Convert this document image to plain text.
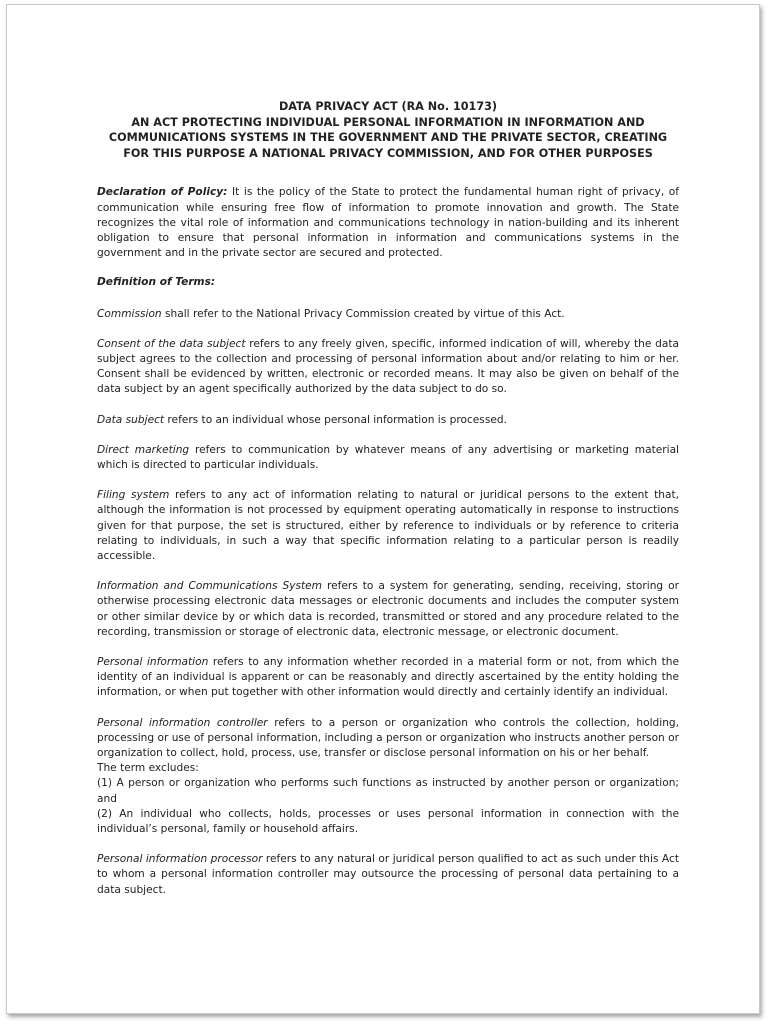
DATA PRIVACY ACT (RA No. 10173)
AN ACT PROTECTING INDIVIDUAL PERSONAL INFORMATION IN INFORMATION AND
COMMUNICATIONS SYSTEMS IN THE GOVERNMENT AND THE PRIVATE SECTOR, CREATING
FOR THIS PURPOSE A NATIONAL PRIVACY COMMISSION, AND FOR OTHER PURPOSES

Declaration of Policy: It is the policy of the State to protect the fundamental human right of privacy, of communication while ensuring free flow of information to promote innovation and growth. The State recognizes the vital role of information and communications technology in nation-building and its inherent obligation to ensure that personal information in information and communications systems in the government and in the private sector are secured and protected.

Definition of Terms:

Commission shall refer to the National Privacy Commission created by virtue of this Act.

Consent of the data subject refers to any freely given, specific, informed indication of will, whereby the data subject agrees to the collection and processing of personal information about and/or relating to him or her. Consent shall be evidenced by written, electronic or recorded means. It may also be given on behalf of the data subject by an agent specifically authorized by the data subject to do so.

Data subject refers to an individual whose personal information is processed.

Direct marketing refers to communication by whatever means of any advertising or marketing material which is directed to particular individuals.

Filing system refers to any act of information relating to natural or juridical persons to the extent that, although the information is not processed by equipment operating automatically in response to instructions given for that purpose, the set is structured, either by reference to individuals or by reference to criteria relating to individuals, in such a way that specific information relating to a particular person is readily accessible.

Information and Communications System refers to a system for generating, sending, receiving, storing or otherwise processing electronic data messages or electronic documents and includes the computer system or other similar device by or which data is recorded, transmitted or stored and any procedure related to the recording, transmission or storage of electronic data, electronic message, or electronic document.

Personal information refers to any information whether recorded in a material form or not, from which the identity of an individual is apparent or can be reasonably and directly ascertained by the entity holding the information, or when put together with other information would directly and certainly identify an individual.

Personal information controller refers to a person or organization who controls the collection, holding, processing or use of personal information, including a person or organization who instructs another person or organization to collect, hold, process, use, transfer or disclose personal information on his or her behalf.

The term excludes:

(1) A person or organization who performs such functions as instructed by another person or organization; and

(2) An individual who collects, holds, processes or uses personal information in connection with the individual’s personal, family or household affairs.

Personal information processor refers to any natural or juridical person qualified to act as such under this Act to whom a personal information controller may outsource the processing of personal data pertaining to a data subject.
